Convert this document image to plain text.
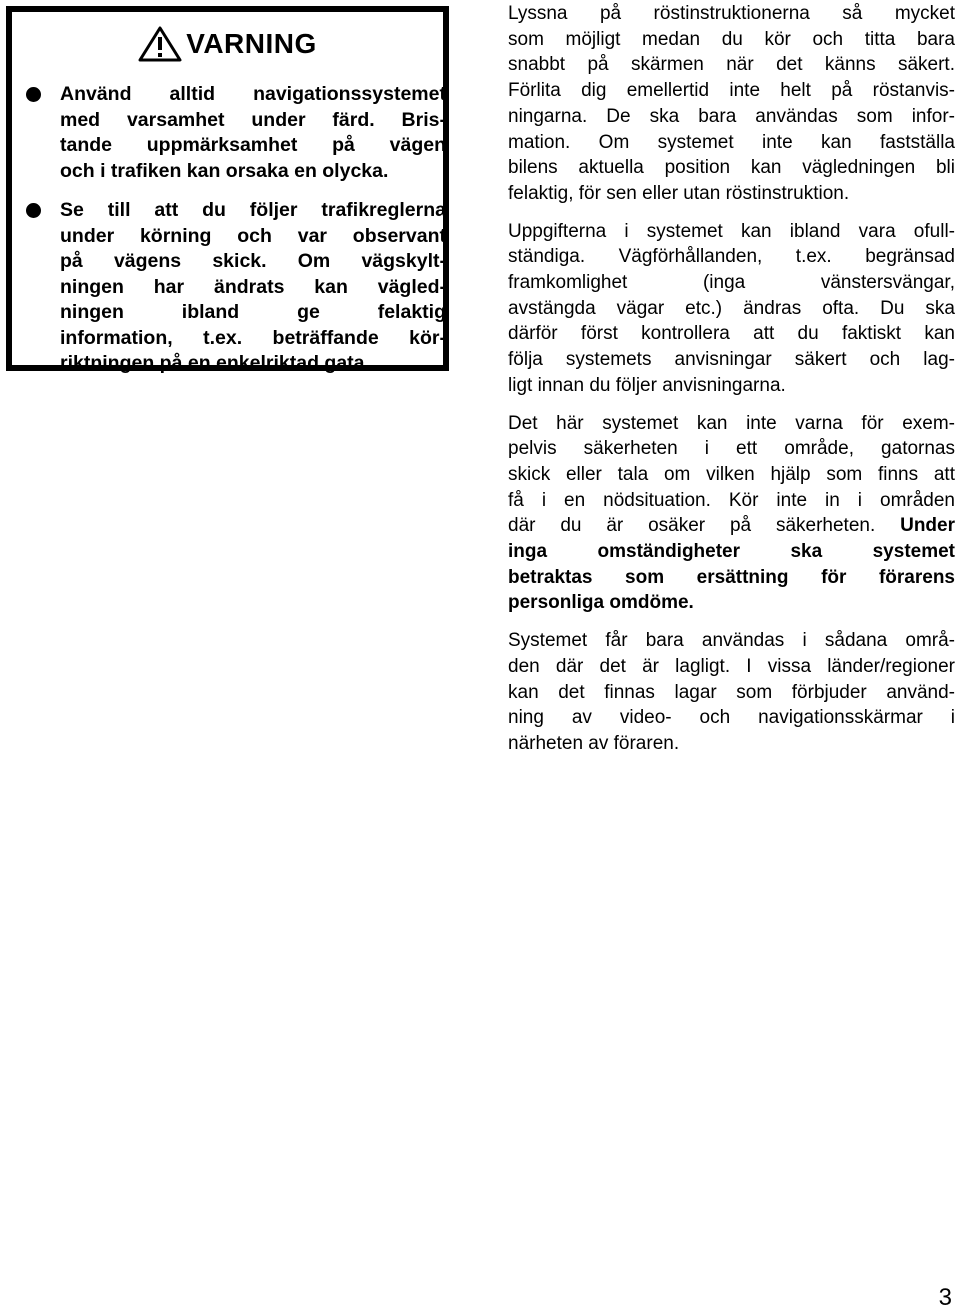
VARNING
Använd alltid navigationssystemet
med varsamhet under färd. Bris-
tande uppmärksamhet på vägen
och i trafiken kan orsaka en olycka.
Se till att du följer trafikreglerna
under körning och var observant
på vägens skick. Om vägskylt-
ningen har ändrats kan vägled-
ningen ibland ge felaktig
information, t.ex. beträffande kör-
riktningen på en enkelriktad gata.
Lyssna på röstinstruktionerna så mycket
som möjligt medan du kör och titta bara
snabbt på skärmen när det känns säkert.
Förlita dig emellertid inte helt på röstanvis-
ningarna. De ska bara användas som infor-
mation. Om systemet inte kan fastställa
bilens aktuella position kan vägledningen bli
felaktig, för sen eller utan röstinstruktion.
Uppgifterna i systemet kan ibland vara ofull-
ständiga. Vägförhållanden, t.ex. begränsad
framkomlighet (inga vänstersvängar,
avstängda vägar etc.) ändras ofta. Du ska
därför först kontrollera att du faktiskt kan
följa systemets anvisningar säkert och lag-
ligt innan du följer anvisningarna.
Det här systemet kan inte varna för exem-
pelvis säkerheten i ett område, gatornas
skick eller tala om vilken hjälp som finns att
få i en nödsituation. Kör inte in i områden
där du är osäker på säkerheten. Under
inga omständigheter ska systemet
betraktas som ersättning för förarens
personliga omdöme.
Systemet får bara användas i sådana områ-
den där det är lagligt. I vissa länder/regioner
kan det finnas lagar som förbjuder använd-
ning av video- och navigationsskärmar i
närheten av föraren.
3
